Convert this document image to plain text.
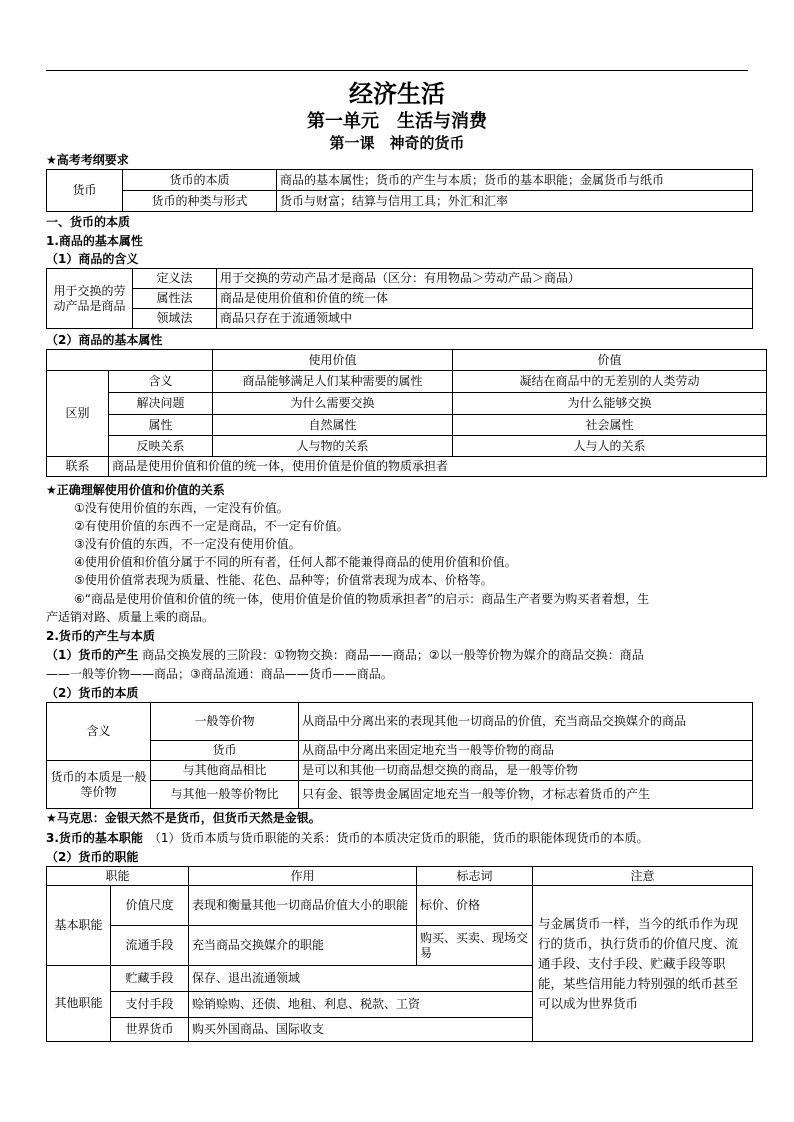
经济生活
第一单元　生活与消费
第一课　神奇的货币
★高考考纲要求
货币	货币的本质	商品的基本属性；货币的产生与本质；货币的基本职能；金属货币与纸币
	货币的种类与形式	货币与财富；结算与信用工具；外汇和汇率
一、货币的本质
1.商品的基本属性
（1）商品的含义
用于交换的劳动产品是商品	定义法	用于交换的劳动产品才是商品（区分：有用物品＞劳动产品＞商品）
	属性法	商品是使用价值和价值的统一体
	领域法	商品只存在于流通领域中
（2）商品的基本属性
		使用价值	价值
区别	含义	商品能够满足人们某种需要的属性	凝结在商品中的无差别的人类劳动
	解决问题	为什么需要交换	为什么能够交换
	属性	自然属性	社会属性
	反映关系	人与物的关系	人与人的关系
联系	商品是使用价值和价值的统一体，使用价值是价值的物质承担者		
★正确理解使用价值和价值的关系
①没有使用价值的东西，一定没有价值。
②有使用价值的东西不一定是商品，不一定有价值。
③没有价值的东西，不一定没有使用价值。
④使用价值和价值分属于不同的所有者，任何人都不能兼得商品的使用价值和价值。
⑤使用价值常表现为质量、性能、花色、品种等；价值常表现为成本、价格等。
⑥“商品是使用价值和价值的统一体，使用价值是价值的物质承担者”的启示：商品生产者要为购买者着想，生
产适销对路、质量上乘的商品。
2.货币的产生与本质
（1）货币的产生 商品交换发展的三阶段：①物物交换：商品——商品；②以一般等价物为媒介的商品交换：商品
——一般等价物——商品；③商品流通：商品——货币——商品。
（2）货币的本质
含义	一般等价物	从商品中分离出来的表现其他一切商品的价值，充当商品交换媒介的商品
	货币	从商品中分离出来固定地充当一般等价物的商品
货币的本质是一般等价物	与其他商品相比	是可以和其他一切商品想交换的商品，是一般等价物
	与其他一般等价物比	只有金、银等贵金属固定地充当一般等价物，才标志着货币的产生
★马克思：金银天然不是货币，但货币天然是金银。
3.货币的基本职能　（1）货币本质与货币职能的关系：货币的本质决定货币的职能，货币的职能体现货币的本质。
（2）货币的职能
职能		作用	标志词	注意
基本职能	价值尺度	表现和衡量其他一切商品价值大小的职能	标价、价格	与金属货币一样，当今的纸币作为现行的货币，执行货币的价值尺度、流通手段、支付手段、贮藏手段等职能，某些信用能力特别强的纸币甚至可以成为世界货币
	流通手段	充当商品交换媒介的职能	购买、买卖、现场交易	
其他职能	贮藏手段	保存、退出流通领域		
	支付手段	赊销赊购、还债、地租、利息、税款、工资		
	世界货币	购买外国商品、国际收支		
